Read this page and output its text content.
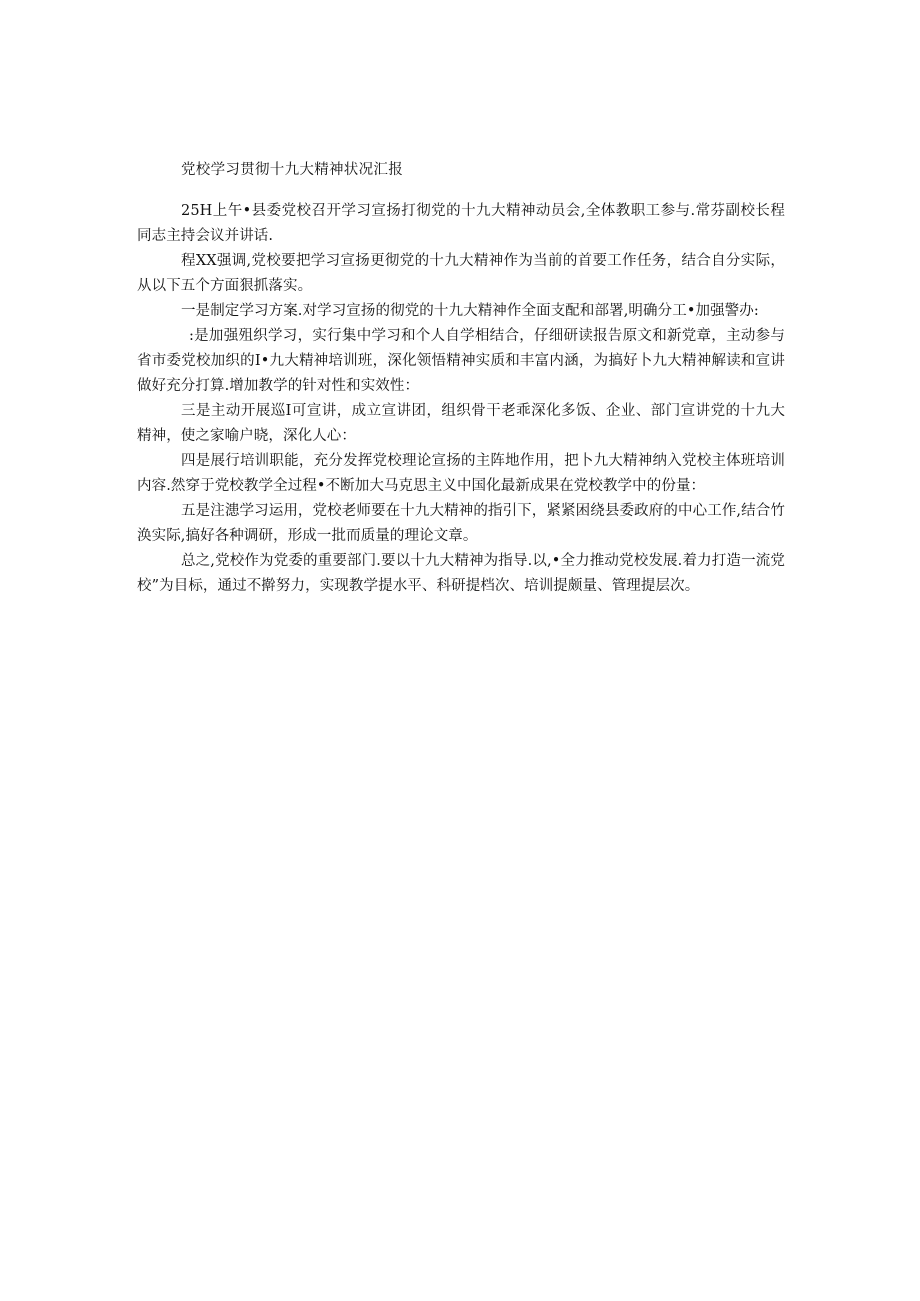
党校学习贯彻十九大精神状况汇报

25H上午•县委党校召开学习宣扬打彻党的十九大精神动员会,全体教职工参与.常芬副校长程同志主持会议并讲话.

程XX强调,党校要把学习宣扬更彻党的十九大精神作为当前的首要工作任务，结合自分实际，从以下五个方面狠抓落实。

一是制定学习方案.对学习宣扬的彻党的十九大精神作全面支配和部署,明确分工•加强警办:

:是加强殂织学习，实行集中学习和个人自学相结合，仔细研读报告原文和新党章，主动参与省市委党校加织的I•九大精神培训班，深化领悟精神实质和丰富内涵，为搞好卜九大精神解读和宣讲做好充分打算.增加教学的针对性和实效性：

三是主动开展巡I可宣讲，成立宣讲团，组织骨干老乖深化多饭、企业、部门宣讲党的十九大精神，使之家喻户晓，深化人心：

四是展行培训职能，充分发挥党校理论宣扬的主阵地作用，把卜九大精神纳入党校主体班培训内容.然穿于党校教学全过程•不断加大马克思主义中国化最新成果在党校教学中的份量：

五是注漶学习运用，党校老师要在十九大精神的指引下，紧紧困绕县委政府的中心工作,结合竹涣实际,搞好各种调研，形成一批而质量的理论文章。

总之,党校作为党委的重要部门.要以十九大精神为指导.以,•全力推动党校发展.着力打造一流党校”为目标，通过不擀努力，实现教学提水平、科研提档次、培训提颇量、管理提层次。
